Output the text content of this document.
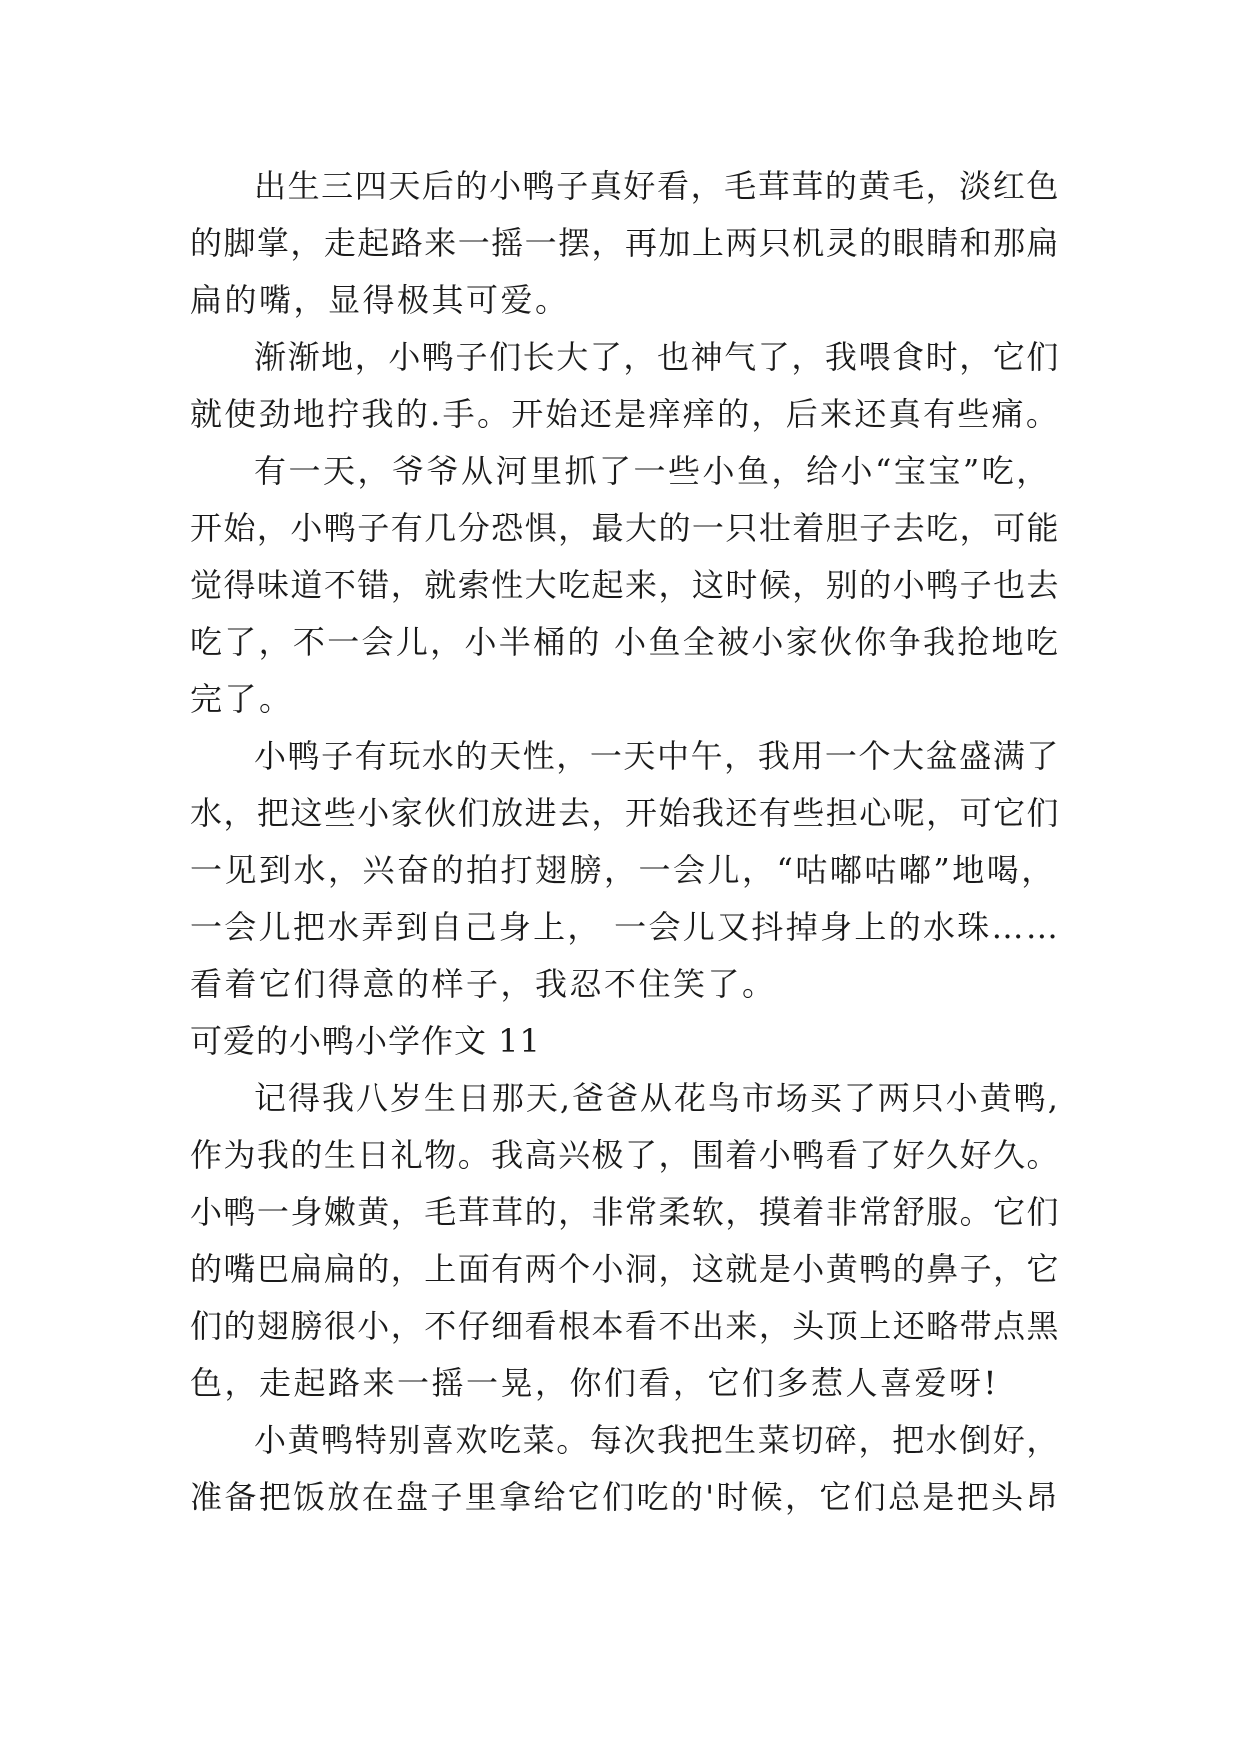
出生三四天后的小鸭子真好看，毛茸茸的黄毛，淡红色

的脚掌，走起路来一摇一摆，再加上两只机灵的眼睛和那扁

扁的嘴，显得极其可爱。

渐渐地，小鸭子们长大了，也神气了，我喂食时，它们

就使劲地拧我的.手。开始还是痒痒的，后来还真有些痛。

有一天，爷爷从河里抓了一些小鱼，给小“宝宝”吃，

开始，小鸭子有几分恐惧，最大的一只壮着胆子去吃，可能

觉得味道不错，就索性大吃起来，这时候，别的小鸭子也去

吃了，不一会儿，小半桶的 小鱼全被小家伙你争我抢地吃

完了。

小鸭子有玩水的天性，一天中午，我用一个大盆盛满了

水，把这些小家伙们放进去，开始我还有些担心呢，可它们

一见到水，兴奋的拍打翅膀，一会儿，“咕嘟咕嘟”地喝，

一会儿把水弄到自己身上， 一会儿又抖掉身上的水珠……

看着它们得意的样子，我忍不住笑了。

可爱的小鸭小学作文 11

记得我八岁生日那天,爸爸从花鸟市场买了两只小黄鸭,

作为我的生日礼物。我高兴极了，围着小鸭看了好久好久。

小鸭一身嫩黄，毛茸茸的，非常柔软，摸着非常舒服。它们

的嘴巴扁扁的，上面有两个小洞，这就是小黄鸭的鼻子，它

们的翅膀很小，不仔细看根本看不出来，头顶上还略带点黑

色，走起路来一摇一晃，你们看，它们多惹人喜爱呀!

小黄鸭特别喜欢吃菜。每次我把生菜切碎，把水倒好，

准备把饭放在盘子里拿给它们吃的'时候，它们总是把头昂
